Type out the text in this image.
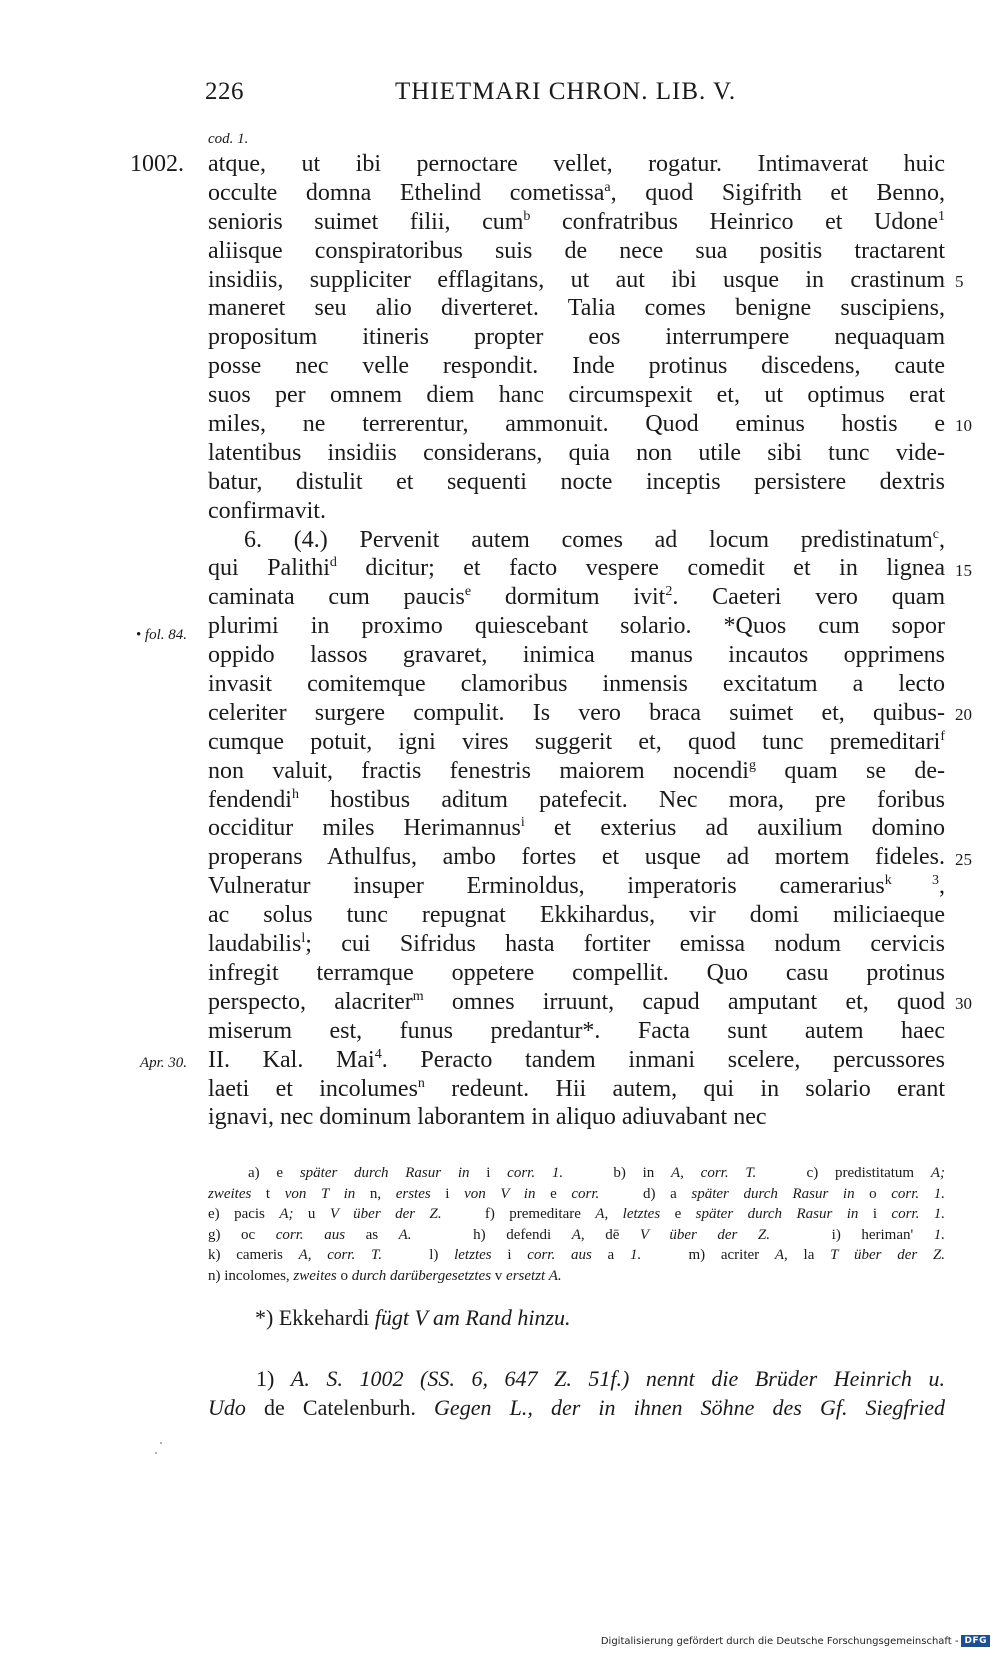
226	THIETMARI CHRON. LIB. V.
cod. 1.
1002.
• fol. 84.
Apr. 30.
atque, ut ibi pernoctare vellet, rogatur. Intimaverat huic
occulte domna Ethelind cometissa$^a$, quod Sigifrith et Benno,
senioris suimet filii, cum$^b$ confratribus Heinrico et Udone$^1$
aliisque conspiratoribus suis de nece sua positis tractarent
insidiis, suppliciter efflagitans, ut aut ibi usque in crastinum
maneret seu alio diverteret. Talia comes benigne suscipiens,
propositum itineris propter eos interrumpere nequaquam
posse nec velle respondit. Inde protinus discedens, caute
suos per omnem diem hanc circumspexit et, ut optimus erat
miles, ne terrerentur, ammonuit. Quod eminus hostis e
latentibus insidiis considerans, quia non utile sibi tunc vide-
batur, distulit et sequenti nocte inceptis persistere dextris
confirmavit.
6. (4.) Pervenit autem comes ad locum predistinatum$^c$,
qui Palithi$^d$ dicitur; et facto vespere comedit et in lignea
caminata cum paucis$^e$ dormitum ivit$^2$. Caeteri vero quam
plurimi in proximo quiescebant solario. *Quos cum sopor
oppido lassos gravaret, inimica manus incautos opprimens
invasit comitemque clamoribus inmensis excitatum a lecto
celeriter surgere compulit. Is vero braca suimet et, quibus-
cumque potuit, igni vires suggerit et, quod tunc premeditari$^f$
non valuit, fractis fenestris maiorem nocendi$^g$ quam se de-
fendendi$^h$ hostibus aditum patefecit. Nec mora, pre foribus
occiditur miles Herimannus$^i$ et exterius ad auxilium domino
properans Athulfus, ambo fortes et usque ad mortem fideles.
Vulneratur insuper Erminoldus, imperatoris camerarius$^{k 3}$,
ac solus tunc repugnat Ekkihardus, vir domi miliciaeque
laudabilis$^l$; cui Sifridus hasta fortiter emissa nodum cervicis
infregit terramque oppetere compellit. Quo casu protinus
perspecto, alacriter$^m$ omnes irruunt, capud amputant et, quod
miserum est, funus predantur*. Facta sunt autem haec
II. Kal. Mai$^4$. Peracto tandem inmani scelere, percussores
laeti et incolumes$^n$ redeunt. Hii autem, qui in solario erant
ignavi, nec dominum laborantem in aliquo adiuvabant nec
5
10
15
20
25
30
a) e später durch Rasur in i corr. 1.   b) in A, corr. T.   c) predistitatum A;
zweites t von T in n, erstes i von V in e corr.   d) a später durch Rasur in o corr. 1.
e) pacis A; u V über der Z.   f) premeditare A, letztes e später durch Rasur in i corr. 1.
g) oc corr. aus as A.   h) defendi A, dē V über der Z.   i) heriman' 1.
k) cameris A, corr. T.   l) letztes i corr. aus a 1.   m) acriter A, la T über der Z.
n) incolomes, zweites o durch darübergesetztes v ersetzt A.
*) Ekkehardi fügt V am Rand hinzu.
1) A. S. 1002 (SS. 6, 647 Z. 51f.) nennt die Brüder Heinrich u.
Udo de Catelenburh. Gegen L., der in ihnen Söhne des Gf. Siegfried
Digitalisierung gefördert durch die Deutsche Forschungsgemeinschaft - DFG
